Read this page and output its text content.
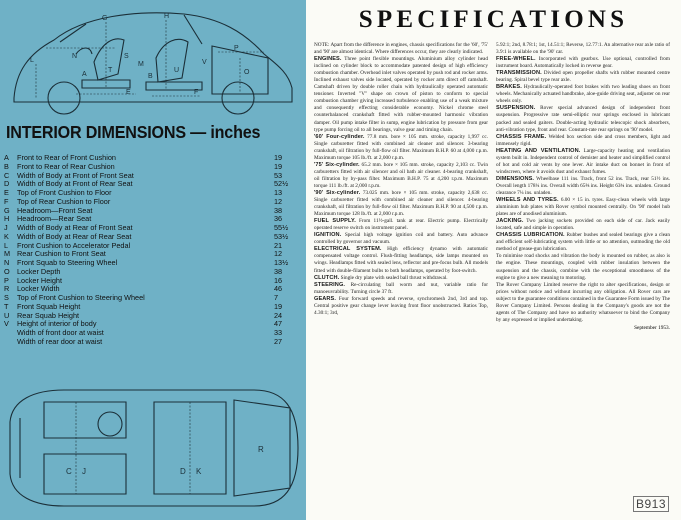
L
G	H
S
A	B
E	F
O
P
V
N
M
T	U
INTERIOR DIMENSIONS — inches
A	Front to Rear of Front Cushion	19
B	Front to Rear of Rear Cushion	19
C	Width of Body at Front of Front Seat	53
D	Width of Body at Front of Rear Seat	52½
E	Top of Front Cushion to Floor	13
F	Top of Rear Cushion to Floor	12
G	Headroom—Front Seat	38
H	Headroom—Rear Seat	36
J	Width of Body at Rear of Front Seat	55½
K	Width of Body at Rear of Rear Seat	53½
L	Front Cushion to Accelerator Pedal	21
M Rear Cushion to Front Seat	12
N	Front Squab to Steering Wheel	13½
O	Locker Depth	38
P	Locker Height	16
R	Locker Width	46
S	Top of Front Cushion to Steering Wheel	7
T	Front Squab Height	19
U	Rear Squab Height	24
V	Height of interior of body	47
Width of front door at waist	33
Width of rear door at waist	27
C J	D K
R
SPECIFICATIONS

NOTE: Apart from the difference in engines, chassis specifications for the '60', '75' and '90' are almost identical. Where differences occur, they are clearly indicated.

ENGINES. Three point flexible mountings. Aluminium alloy cylinder head inclined on cylinder block to accommodate patented design of high efficiency combustion chamber. Overhead inlet valves operated by push rod and rocker arms. Inclined exhaust valves side located, operated by rocker arm direct off camshaft. Camshaft driven by double roller chain with hydraulically operated automatic tensioner. Inverted "V" shape on crown of piston to conform to special combustion chamber giving increased turbulence enabling use of a weak mixture and consequently effecting considerable economy. Nickel chrome steel counterbalanced crankshaft fitted with rubber-mounted harmonic vibration damper. Oil pump intake filter in sump, engine lubrication by pressure from gear type pump forcing oil to all bearings, valve gear and timing chain.

'60' Four-cylinder. 77.8 mm. bore × 105 mm. stroke, capacity 1,997 cc. Single carburetter fitted with combined air cleaner and silencer. 3-bearing crankshaft, oil filtration by full-flow oil filter. Maximum B.H.P. 60 at 4,000 r.p.m. Maximum torque 105 lb./ft. at 2,000 r.p.m.

'75' Six-cylinder. 65.2 mm. bore × 105 mm. stroke, capacity 2,103 cc. Twin carburetters fitted with air silencer and oil bath air cleaner. 4-bearing crankshaft, oil filtration by by-pass filter. Maximum B.H.P. 75 at 4,200 r.p.m. Maximum torque 111 lb./ft. at 2,000 r.p.m.

'90' Six-cylinder. 73.025 mm. bore × 105 mm. stroke, capacity 2,638 cc. Single carburetter fitted with combined air cleaner and silencer. 4-bearing crankshaft, oil filtration by full-flow oil filter. Maximum B.H.P. 90 at 4,500 r.p.m. Maximum torque 128 lb./ft. at 2,000 r.p.m.

FUEL SUPPLY. From 11½-gall. tank at rear. Electric pump. Electrically operated reserve switch on instrument panel.

IGNITION. Special high voltage ignition coil and battery. Auto advance controlled by governor and vacuum.

ELECTRICAL SYSTEM. High efficiency dynamo with automatic compensated voltage control. Flush-fitting headlamps, side lamps mounted on wings. Headlamps fitted with sealed lens, reflector and pre-focus bulb. All models fitted with double-filament bulbs to both headlamps, operated by foot-switch.

CLUTCH. Single dry plate with sealed ball thrust withdrawal.

STEERING. Re-circulating ball worm and nut, variable ratio for manoeuvrability. Turning circle 37 ft.

GEARS. Four forward speeds and reverse, synchromesh 2nd, 3rd and top. Central positive gear change lever leaving front floor unobstructed. Ratios Top, 4.30:1; 3rd,

5.92:1; 2nd, 8.78:1; 1st, 14.51:1; Reverse, 12.77:1. An alternative rear axle ratio of 3.9:1 is available on the '90' car.

FREE-WHEEL. Incorporated with gearbox. Use optional, controlled from instrument board. Automatically locked in reverse gear.

TRANSMISSION. Divided open propeller shafts with rubber mounted centre bearing. Spiral bevel type rear axle.

BRAKES. Hydraulically-operated foot brakes with two leading shoes on front wheels. Mechanically actuated handbrake, aloe-guide driving seat, adjuster on rear wheels only.

SUSPENSION. Rover special advanced design of independent front suspension. Progressive rate semi-elliptic rear springs enclosed in lubricant packed and sealed gaiters. Double-acting hydraulic telescopic shock absorbers, anti-vibration type, front and rear. Constant-rate rear springs on '90' model.

CHASSIS FRAME. Welded box section side and cross members, light and immensely rigid.

HEATING AND VENTILATION. Large-capacity heating and ventilation system built in. Independent control of demister and heater and simplified control of hot and cold air vents by one lever. Air intake duct on bonnet in front of windscreen, where it avoids dust and exhaust fumes.

DIMENSIONS. Wheelbase 111 ins. Track, front 52 ins. Track, rear 51½ ins. Overall length 178¼ ins. Overall width 65⅝ ins. Height 63¾ ins. unladen. Ground clearance 7¼ ins. unladen.

WHEELS AND TYRES. 6.00 × 15 in. tyres. Easy-clean wheels with large aluminium hub plates with Rover symbol mounted centrally. On '90' model hub plates are of anodised aluminium.

JACKING. Two jacking sockets provided on each side of car. Jack easily located, safe and simple in operation.

CHASSIS LUBRICATION. Rubber bushes and sealed bearings give a clean and efficient self-lubricating system with little or no attention, outmoding the old method of grease-gun lubrication.

To minimise road shocks and vibration the body is mounted on rubber, as also is the engine. These mountings, coupled with rubber insulation between the suspension and the chassis, combine with the exceptional smoothness of the engine to give a new meaning to motoring.

The Rover Company Limited reserve the right to alter specifications, design or prices without notice and without incurring any obligation. All Rover cars are subject to the guarantee conditions contained in the Guarantee Form issued by The Rover Company Limited. Persons dealing in the Company's goods are not the agents of The Company and have no authority whatsoever to bind the Company by any expressed or implied undertaking.

September 1953.
B913
